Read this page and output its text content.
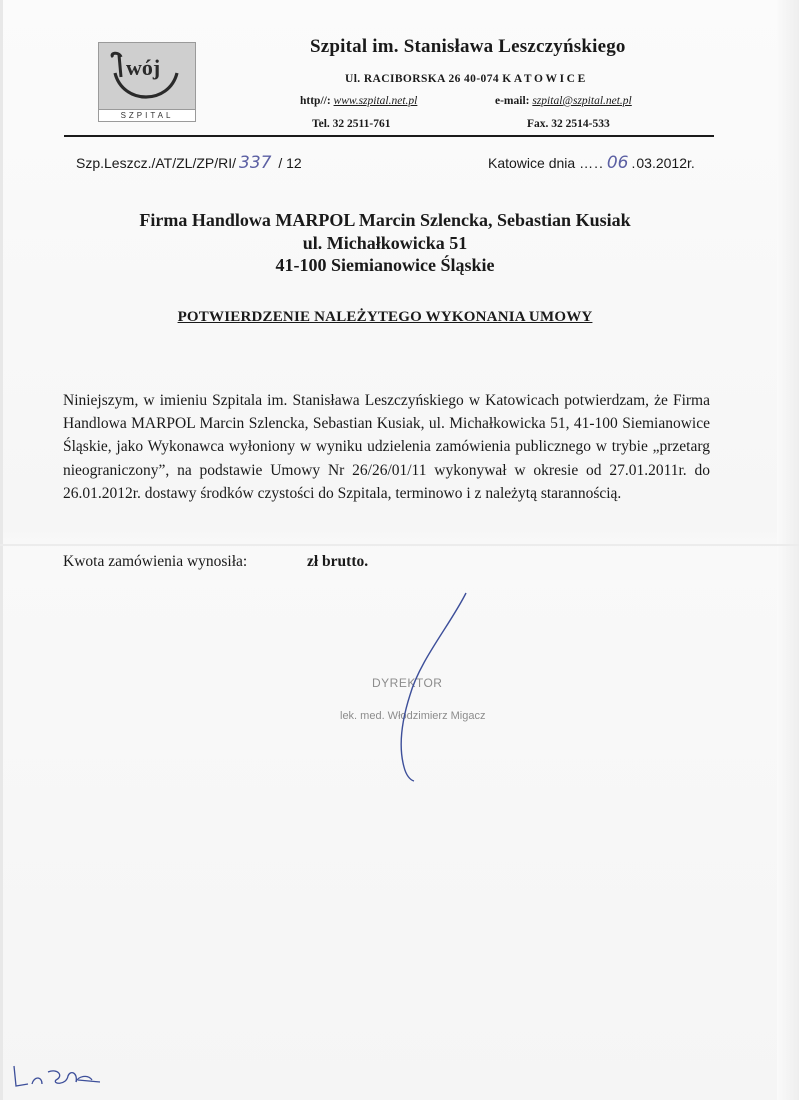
wój
SZPITAL
Szpital im. Stanisława Leszczyńskiego
Ul. RACIBORSKA 26 40-074 KATOWICE
http//: www.szpital.net.pl	e-mail: szpital@szpital.net.pl
Tel. 32 2511-761	Fax. 32 2514-533
Szp.Leszcz./AT/ZL/ZP/RI/ 337 / 12	Katowice dnia ….. 06 .03.2012r.
Firma Handlowa MARPOL Marcin Szlencka, Sebastian Kusiak
ul. Michałkowicka 51
41-100 Siemianowice Śląskie
POTWIERDZENIE NALEŻYTEGO WYKONANIA UMOWY
Niniejszym, w imieniu Szpitala im. Stanisława Leszczyńskiego w Katowicach potwierdzam, że Firma Handlowa MARPOL Marcin Szlencka, Sebastian Kusiak, ul. Michałkowicka 51, 41-100 Siemianowice Śląskie, jako Wykonawca wyłoniony w wyniku udzielenia zamówienia publicznego w trybie „przetarg nieograniczony”, na podstawie Umowy Nr 26/26/01/11 wykonywał w okresie od 27.01.2011r. do 26.01.2012r. dostawy środków czystości do Szpitala, terminowo i z należytą starannością.
Kwota zamówienia wynosiła:	zł brutto.
DYREKTOR
lek. med. Włodzimierz Migacz
